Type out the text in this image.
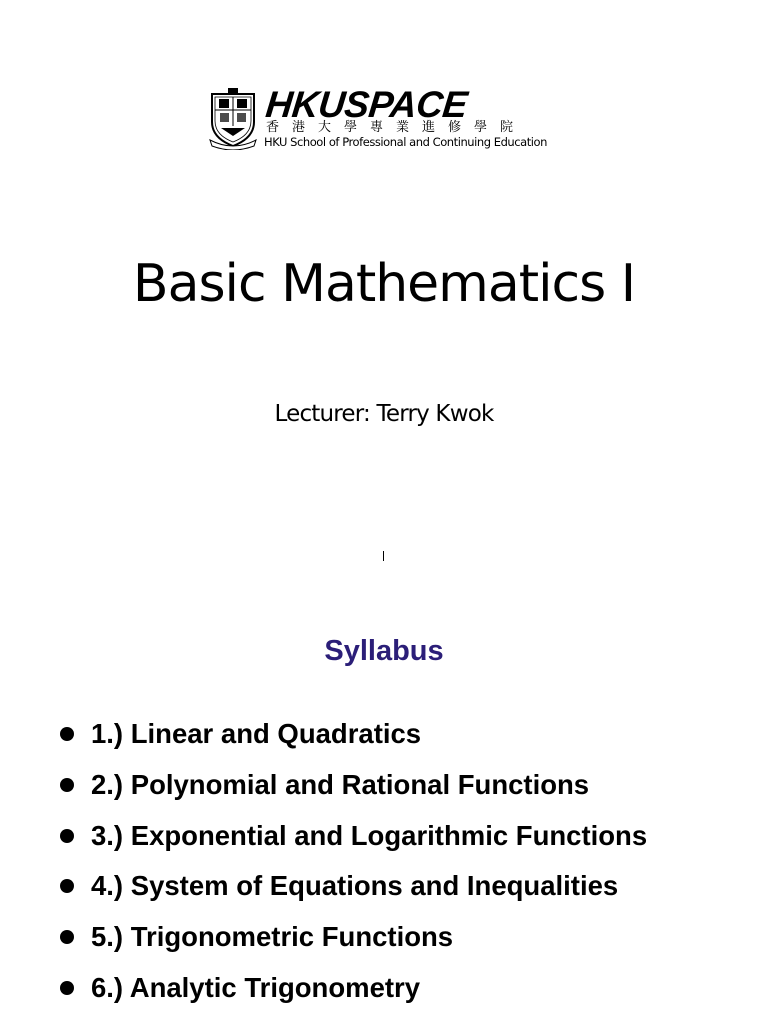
HKUSPACE
香港大學專業進修學院
HKU School of Professional and Continuing Education
Basic Mathematics I
Lecturer: Terry Kwok
Syllabus
1.) Linear and Quadratics
2.) Polynomial and Rational Functions
3.) Exponential and Logarithmic Functions
4.) System of Equations and Inequalities
5.) Trigonometric Functions
6.) Analytic Trigonometry
